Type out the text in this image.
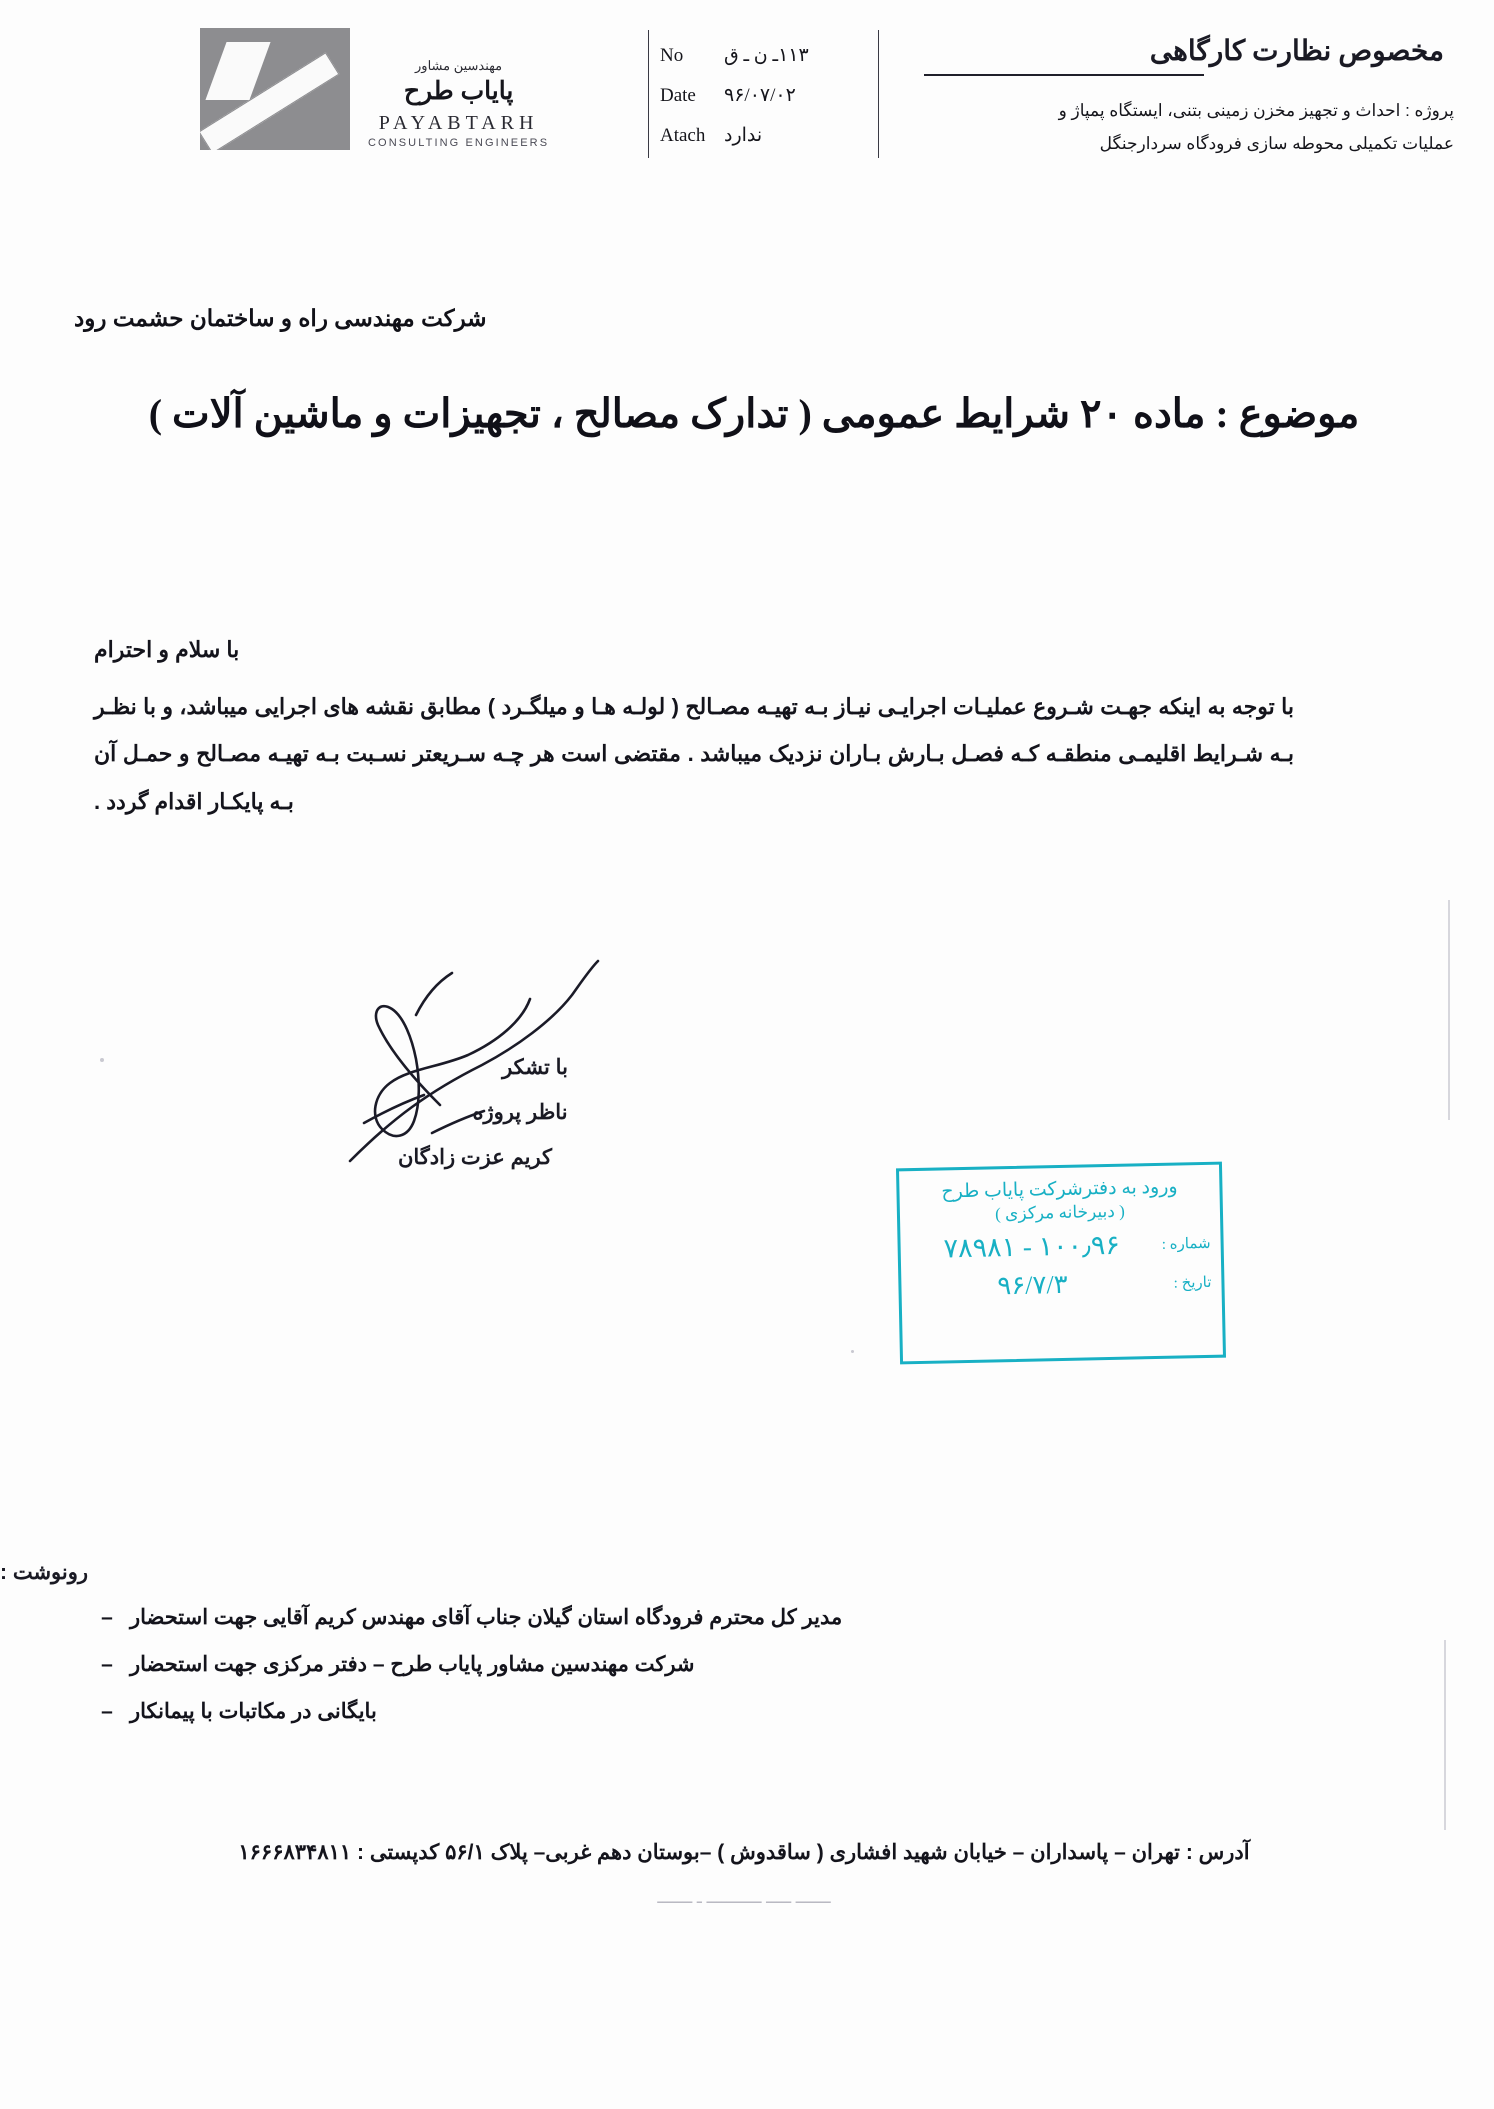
مهندسين مشاور
پایاب طرح
PAYABTARH
CONSULTING ENGINEERS
No	۱۱۳ـ ن ـ ق
Date	۹۶/۰۷/۰۲
Atach ندارد
مخصوص نظارت کارگاهی
پروژه : احداث و تجهیز مخزن زمینی بتنی، ایستگاه پمپاژ و
عملیات تکمیلی محوطه سازی فرودگاه سردارجنگل
شرکت مهندسی راه و ساختمان حشمت رود
موضوع : ماده ۲۰ شرایط عمومی ( تدارک مصالح ، تجهیزات و ماشین آلات )
با سلام و احترام
با توجه به اینکه جهـت شـروع عملیـات اجرایـی نیـاز بـه تهیـه مصـالح ( لولـه هـا و میلگـرد ) مطابق نقشه های اجرایی میباشد، و با نظـر بـه شـرایط اقلیمـی منطقـه کـه فصـل بـارش بـاران نزدیک میباشد . مقتضی است هر چـه سـریعتر نسـبت بـه تهیـه مصـالح و حمـل آن بـه پایکـار اقدام گردد .
با تشکر
ناظر پروژه
کریم عزت زادگان
ورود به دفترشرکت پایاب طرح
( دبیرخانه مرکزی )
شماره :
۱۰۰٫۹۶ - ۷۸۹۸۱
تاریخ :
۹۶/۷/۳
رونوشت :
– مدیر کل محترم فرودگاه استان گیلان جناب آقای مهندس کریم آقایی جهت استحضار
– شرکت مهندسین مشاور پایاب طرح – دفتر مرکزی جهت استحضار
– بایگانی در مکاتبات با پیمانکار
آدرس : تهران – پاسداران – خیابان شهید افشاری ( ساقدوش ) –بوستان دهم غربی– پلاک ۵۶/۱ کدپستی : ۱۶۶۶۸۳۴۸۱۱
ـــــــ ـــــ ـــــــــــ ـ ـــــــ
